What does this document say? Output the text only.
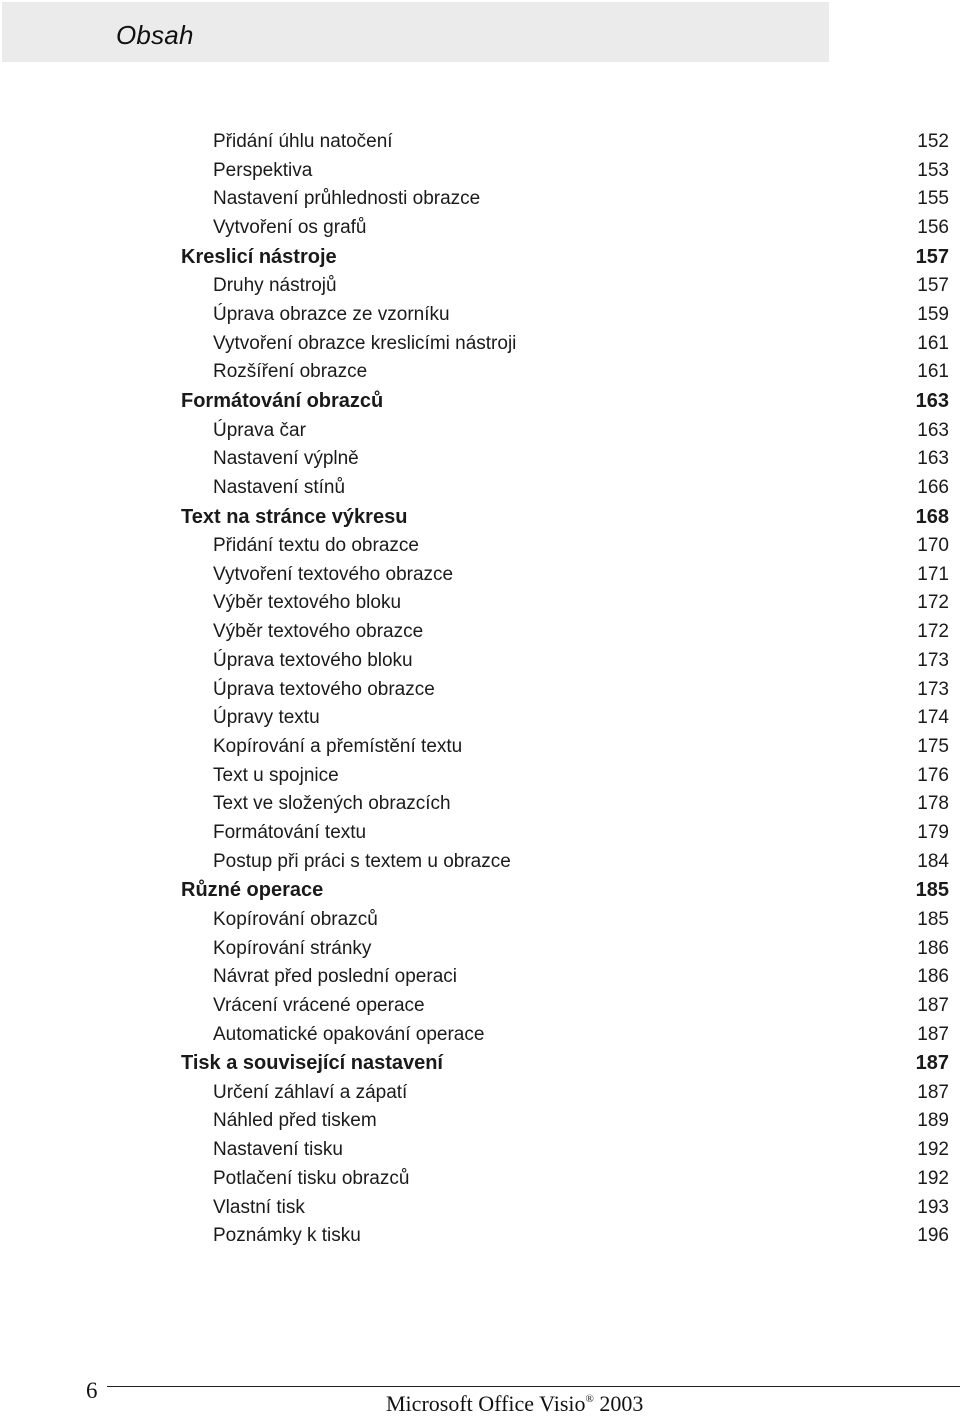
Obsah
Přidání úhlu natočení	152
Perspektiva	153
Nastavení průhlednosti obrazce	155
Vytvoření os grafů	156
Kreslicí nástroje	157
Druhy nástrojů	157
Úprava obrazce ze vzorníku	159
Vytvoření obrazce kreslicími nástroji	161
Rozšíření obrazce	161
Formátování obrazců	163
Úprava čar	163
Nastavení výplně	163
Nastavení stínů	166
Text na stránce výkresu	168
Přidání textu do obrazce	170
Vytvoření textového obrazce	171
Výběr textového bloku	172
Výběr textového obrazce	172
Úprava textového bloku	173
Úprava textového obrazce	173
Úpravy textu	174
Kopírování a přemístění textu	175
Text u spojnice	176
Text ve složených obrazcích	178
Formátování textu	179
Postup při práci s textem u obrazce	184
Různé operace	185
Kopírování obrazců	185
Kopírování stránky	186
Návrat před poslední operaci	186
Vrácení vrácené operace	187
Automatické opakování operace	187
Tisk a související nastavení	187
Určení záhlaví a zápatí	187
Náhled před tiskem	189
Nastavení tisku	192
Potlačení tisku obrazců	192
Vlastní tisk	193
Poznámky k tisku	196
6
Microsoft Office Visio® 2003
